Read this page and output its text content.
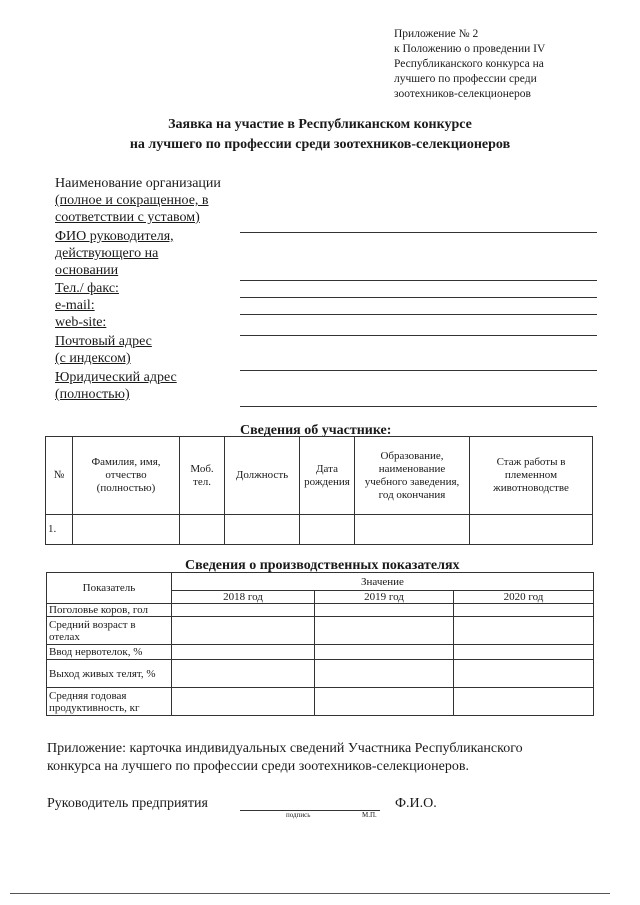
Приложение № 2
к Положению о проведении IV
Республиканского конкурса на
лучшего по профессии среди
зоотехников-селекционеров
Заявка на участие в Республиканском конкурсе
на лучшего по профессии среди зоотехников-селекционеров
Наименование организации
(полное и сокращенное, в
соответствии с уставом)
ФИО руководителя,
действующего на
основании
Тел./ факс:
e-mail:
web-site:
Почтовый адрес
(с индексом)
Юридический адрес
(полностью)
Сведения об участнике:
№	Фамилия, имя, отчество (полностью)	Моб. тел.	Должность	Дата рождения	Образование, наименование учебного заведения, год окончания	Стаж работы в племенном животноводстве
1.						
Сведения о производственных показателях
Показатель	Значение		
	2018 год	2019 год	2020 год
Поголовье коров, гол			
Средний возраст в отелах			
Ввод нервотелок, %			
Выход живых телят, %			
Средняя годовая продуктивность, кг			
Приложение: карточка индивидуальных сведений Участника Республиканского конкурса на лучшего по профессии среди зоотехников-селекционеров.
Руководитель предприятия
подпись	М.П.
Ф.И.О.
